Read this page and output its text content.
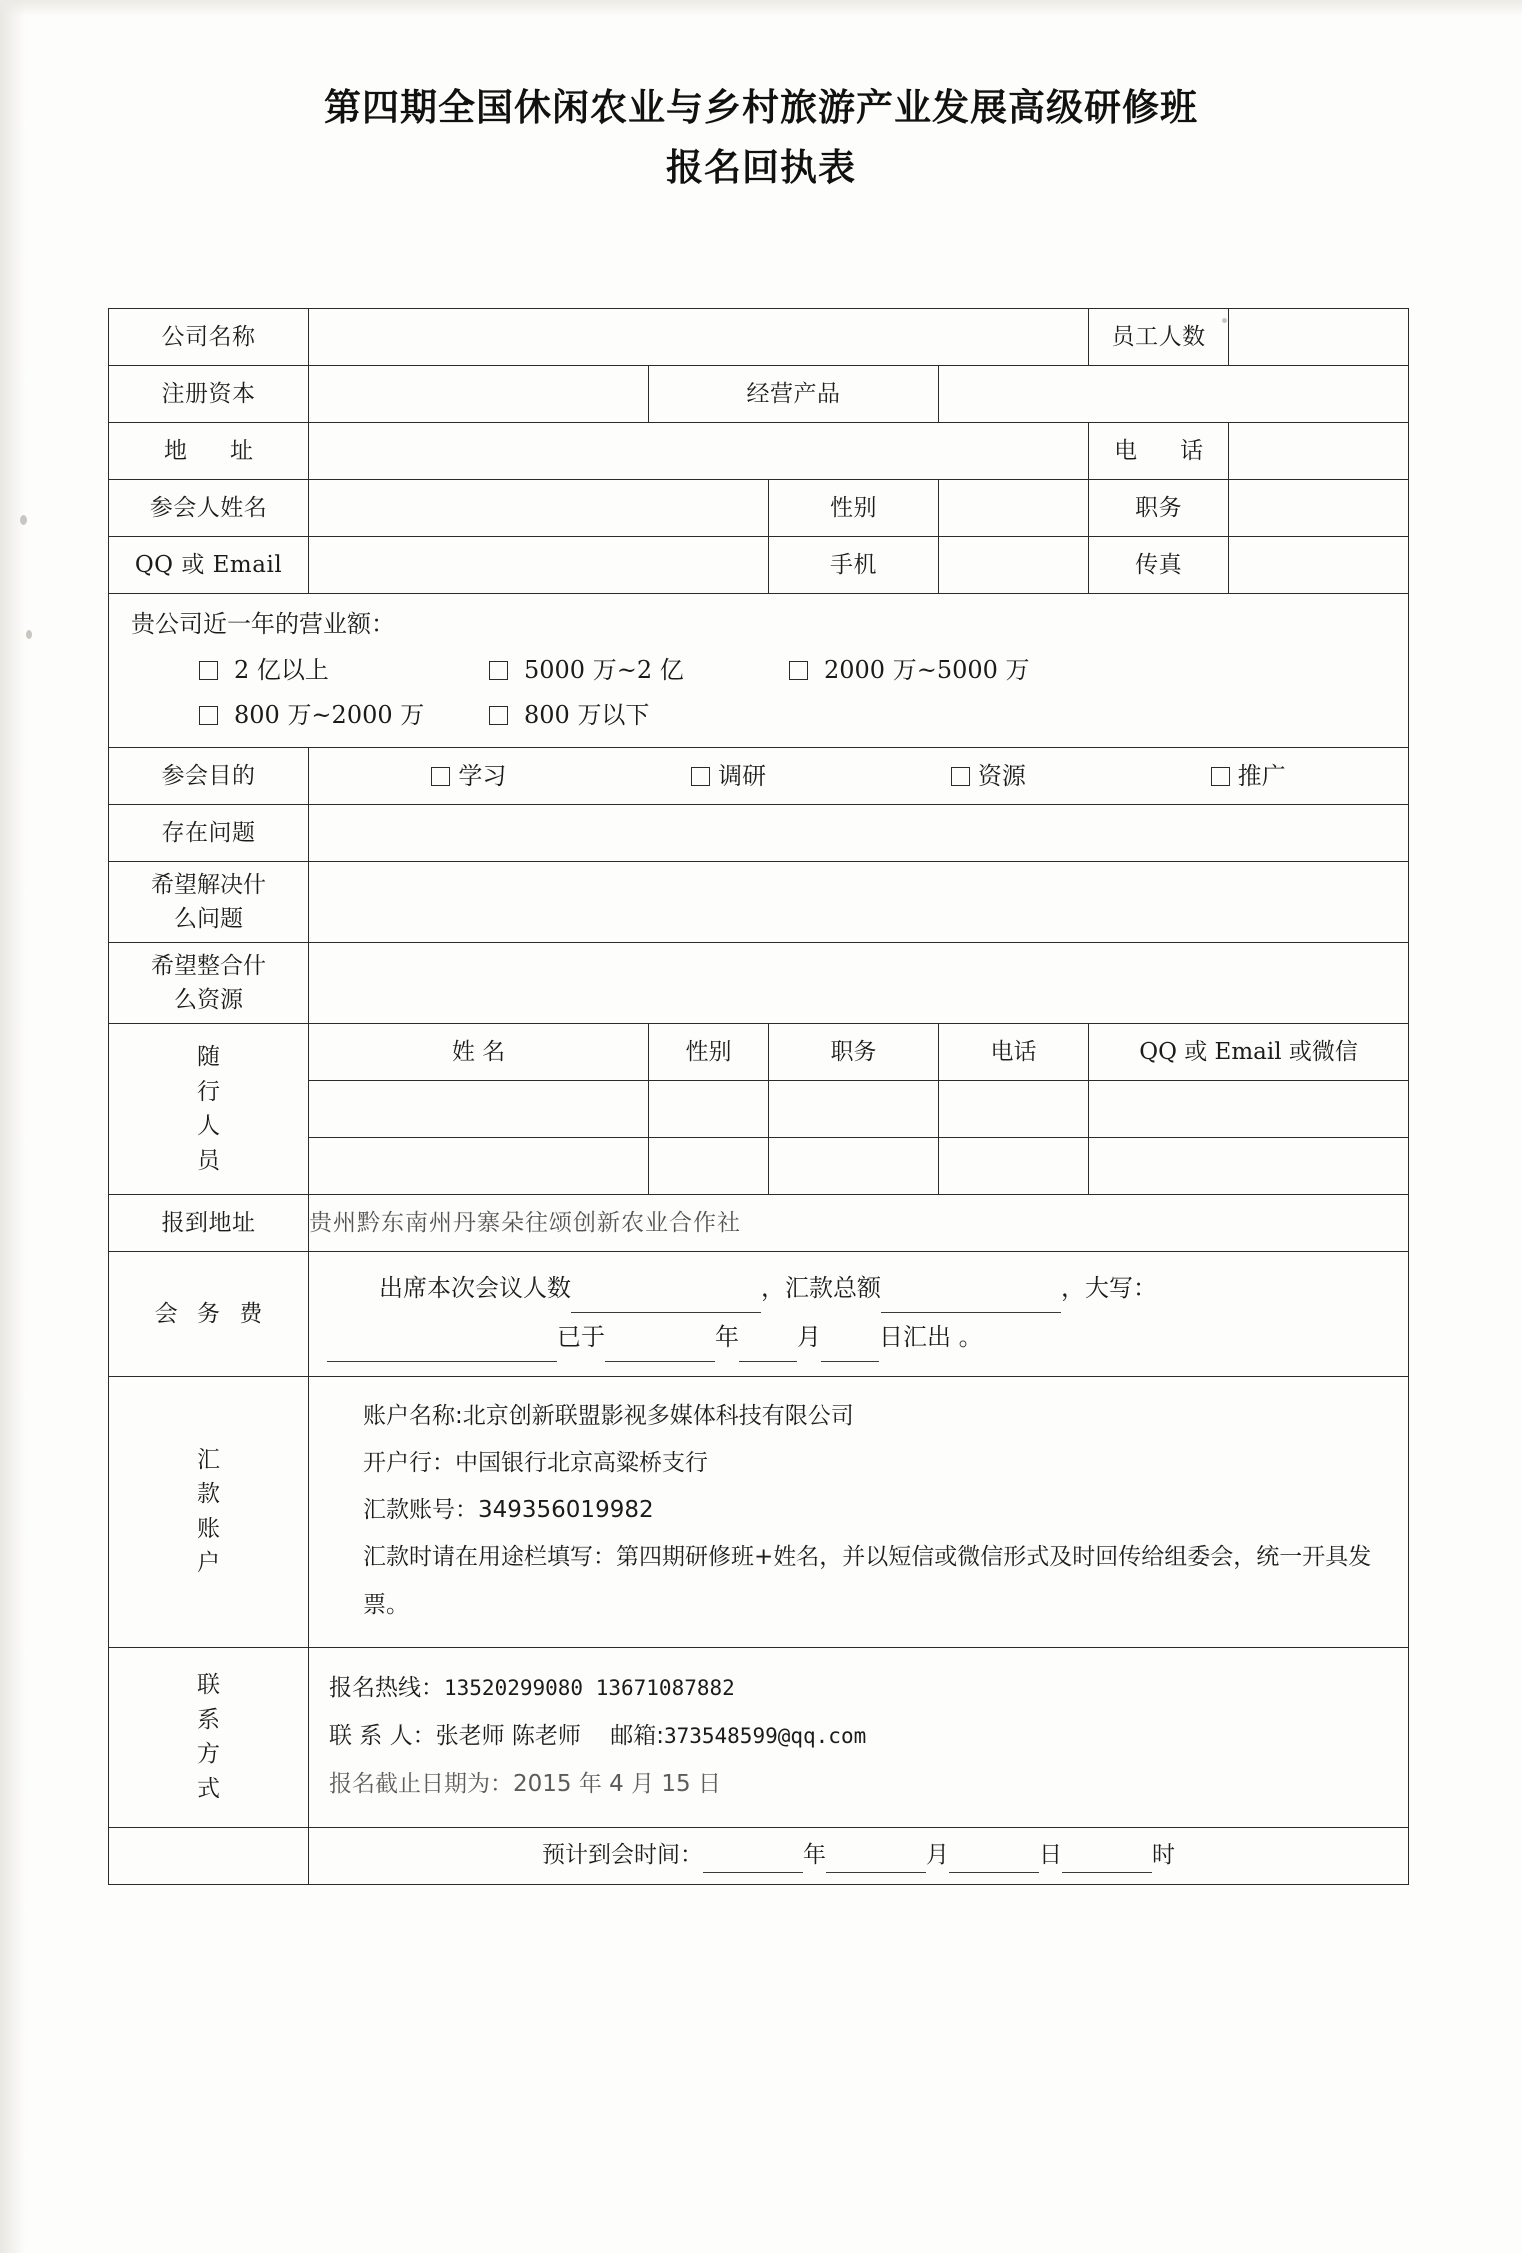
第四期全国休闲农业与乡村旅游产业发展高级研修班
报名回执表
公司名称					员工人数	
注册资本		经营产品				
地　址					电　话	
参会人姓名			性别		职务	
QQ 或 Email			手机		传真	

贵公司近一年的营业额：
2 亿以上	5000 万~2 亿	2000 万~5000 万
800 万~2000 万	800 万以下

参会目的	学习 调研 资源 推广					

存在问题						

希望解决什
么问题						

希望整合什
么资源						

随
行
人
员	姓 名	性别	职务	电话	QQ 或 Email 或微信	

报到地址	贵州黔东南州丹寨朵往颂创新农业合作社					
会 务 费	出席本次会议人数 ，汇款总额 ，大写：
已于 年 月 日汇出 。					

汇
款
账
户

账户名称:北京创新联盟影视多媒体科技有限公司
开户行：中国银行北京高粱桥支行
汇款账号：349356019982
汇款时请在用途栏填写：第四期研修班+姓名，并以短信或微信形式及时回传给组委会，统一开具发票。

联
系
方
式

报名热线：13520299080 13671087882
联 系 人：张老师 陈老师 邮箱:373548599@qq.com
报名截止日期为：2015 年 4 月 15 日

	预计到会时间： 年 月 日 时					
